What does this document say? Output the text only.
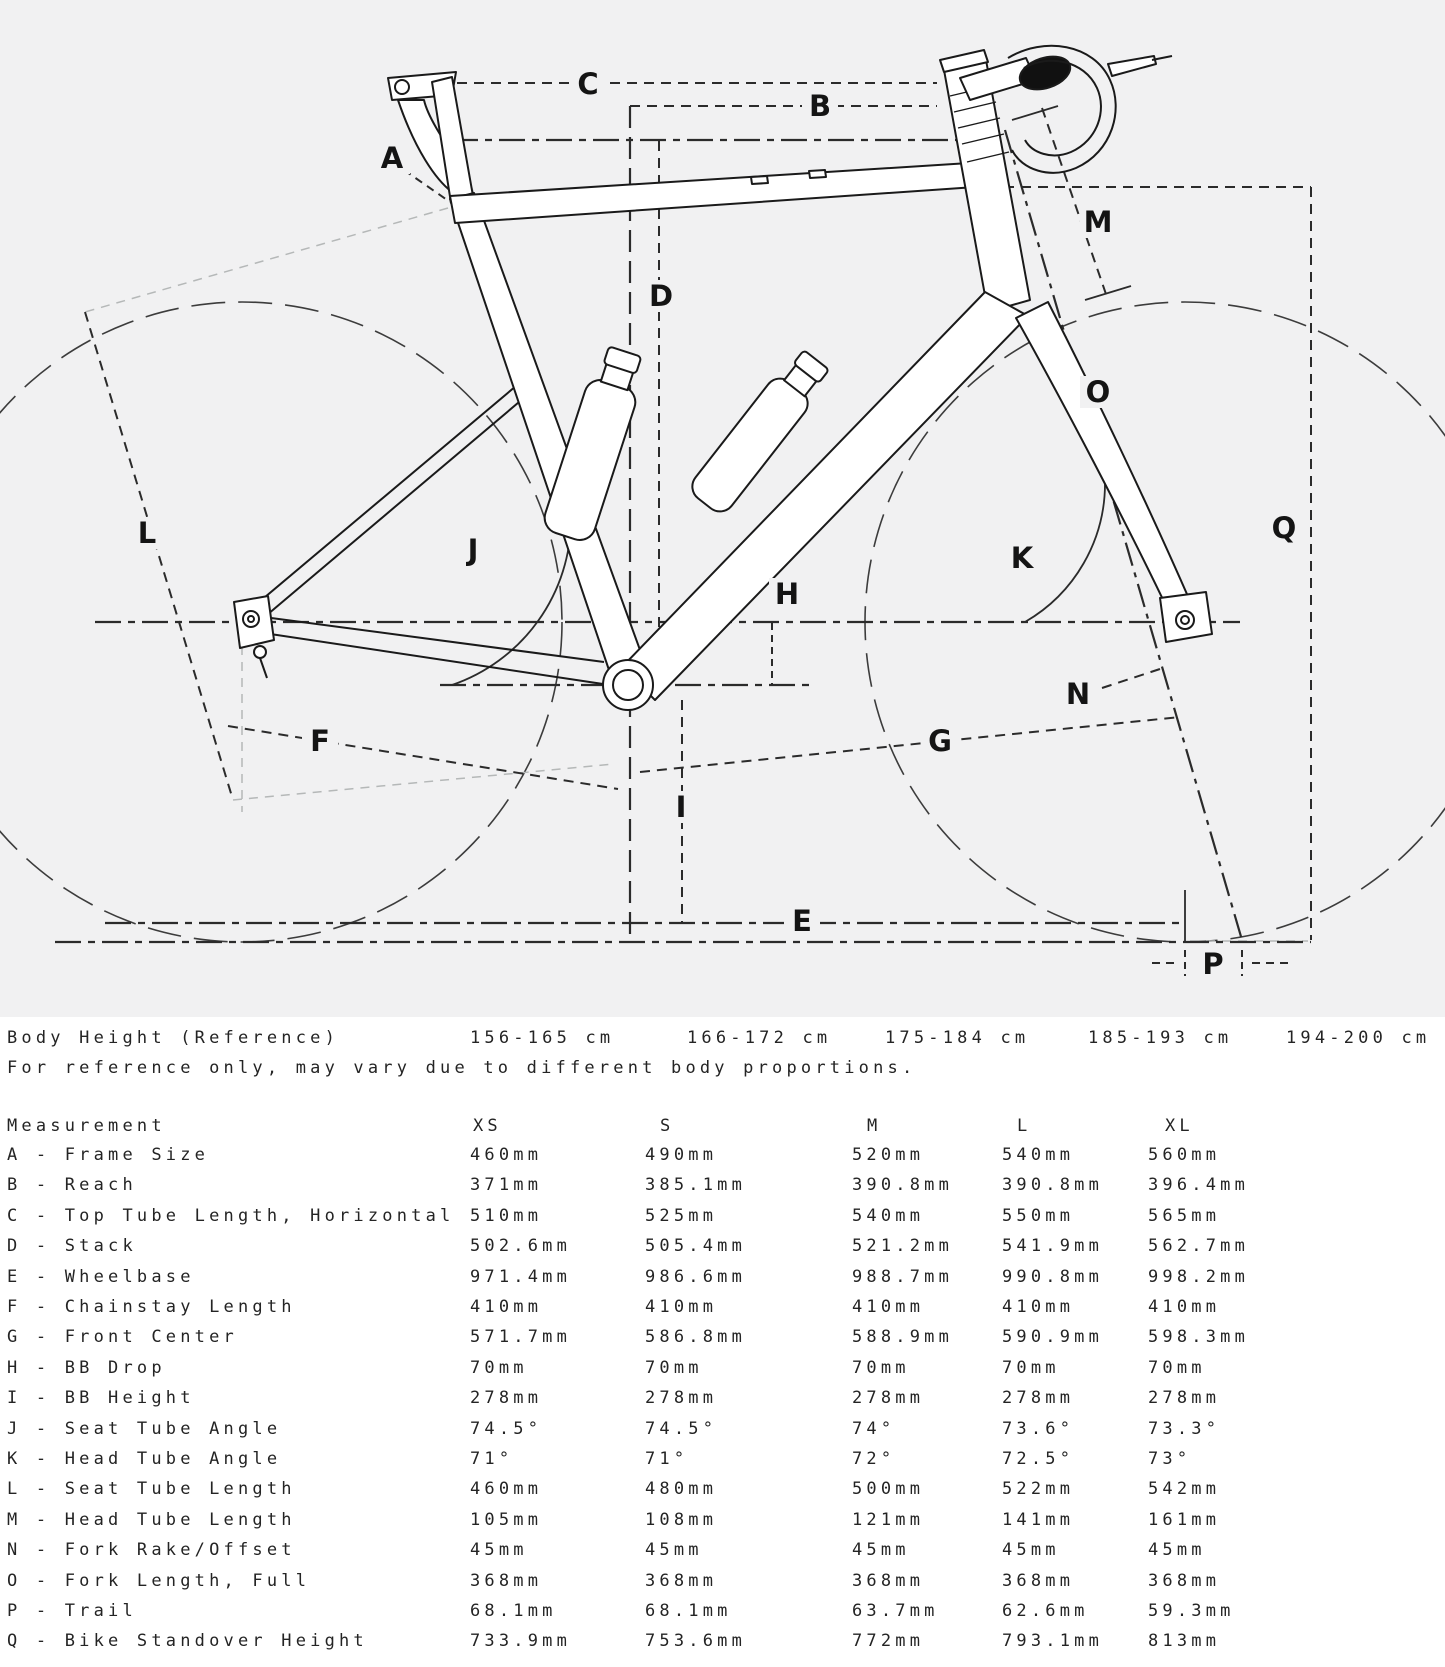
A
B
C
D
E
F	G
H
I
J	K
L
M
N
O
P
Q
Body Height (Reference)	156-165 cm	166-172 cm	175-184 cm	185-193 cm	194-200 cm
For reference only, may vary due to different body proportions.
Measurement	XS	S	M	L	XL
A - Frame Size	460mm	490mm	520mm	540mm	560mm
B - Reach	371mm	385.1mm	390.8mm	390.8mm	396.4mm
C - Top Tube Length, Horizontal 510mm	525mm	540mm	550mm	565mm
D - Stack	502.6mm	505.4mm	521.2mm	541.9mm	562.7mm
E - Wheelbase	971.4mm	986.6mm	988.7mm	990.8mm	998.2mm
F - Chainstay Length	410mm	410mm	410mm	410mm	410mm
G - Front Center	571.7mm	586.8mm	588.9mm	590.9mm	598.3mm
H - BB Drop	70mm	70mm	70mm	70mm	70mm
I - BB Height	278mm	278mm	278mm	278mm	278mm
J - Seat Tube Angle	74.5°	74.5°	74°	73.6°	73.3°
K - Head Tube Angle	71°	71°	72°	72.5°	73°
L - Seat Tube Length	460mm	480mm	500mm	522mm	542mm
M - Head Tube Length	105mm	108mm	121mm	141mm	161mm
N - Fork Rake/Offset	45mm	45mm	45mm	45mm	45mm
O - Fork Length, Full	368mm	368mm	368mm	368mm	368mm
P - Trail	68.1mm	68.1mm	63.7mm	62.6mm	59.3mm
Q - Bike Standover Height	733.9mm	753.6mm	772mm	793.1mm	813mm
